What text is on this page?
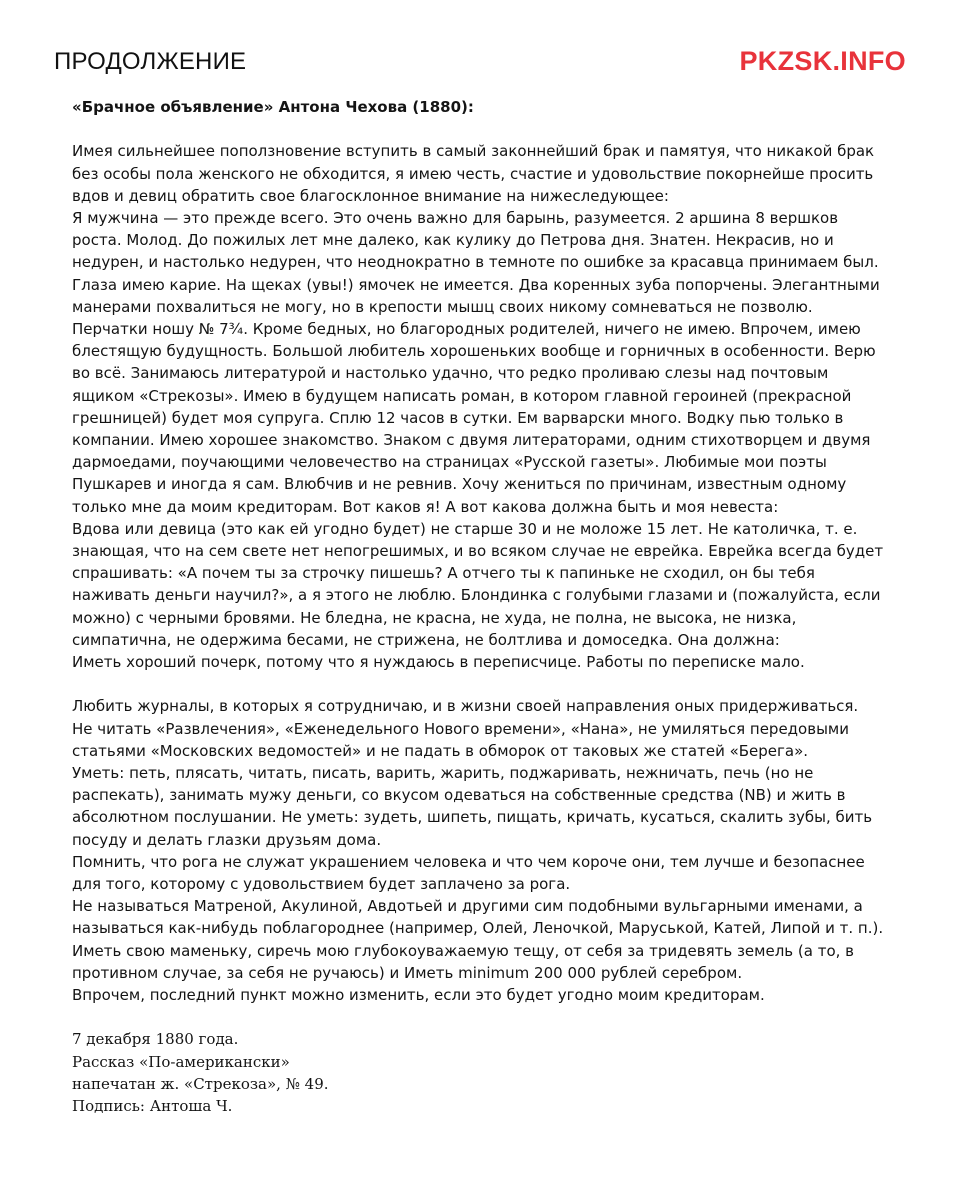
ПРОДОЛЖЕНИЕ	PKZSK.INFO

«Брачное объявление» Антона Чехова (1880):

Имея сильнейшее поползновение вступить в самый законнейший брак и памятуя, что никакой брак без особы пола женского не обходится, я имею честь, счастие и удовольствие покорнейше просить вдов и девиц обратить свое благосклонное внимание на нижеследующее:

Я мужчина — это прежде всего. Это очень важно для барынь, разумеется. 2 аршина 8 вершков роста. Молод. До пожилых лет мне далеко, как кулику до Петрова дня. Знатен. Некрасив, но и недурен, и настолько недурен, что неоднократно в темноте по ошибке за красавца принимаем был. Глаза имею карие. На щеках (увы!) ямочек не имеется. Два коренных зуба попорчены. Элегантными манерами похвалиться не могу, но в крепости мышц своих никому сомневаться не позволю. Перчатки ношу № 7¾. Кроме бедных, но благородных родителей, ничего не имею. Впрочем, имею блестящую будущность. Большой любитель хорошеньких вообще и горничных в особенности. Верю во всё. Занимаюсь литературой и настолько удачно, что редко проливаю слезы над почтовым ящиком «Стрекозы». Имею в будущем написать роман, в котором главной героиней (прекрасной грешницей) будет моя супруга. Сплю 12 часов в сутки. Ем варварски много. Водку пью только в компании. Имею хорошее знакомство. Знаком с двумя литераторами, одним стихотворцем и двумя дармоедами, поучающими человечество на страницах «Русской газеты». Любимые мои поэты Пушкарев и иногда я сам. Влюбчив и не ревнив. Хочу жениться по причинам, известным одному только мне да моим кредиторам. Вот каков я! А вот какова должна быть и моя невеста:

Вдова или девица (это как ей угодно будет) не старше 30 и не моложе 15 лет. Не католичка, т. е. знающая, что на сем свете нет непогрешимых, и во всяком случае не еврейка. Еврейка всегда будет спрашивать: «А почем ты за строчку пишешь? А отчего ты к папиньке не сходил, он бы тебя наживать деньги научил?», а я этого не люблю. Блондинка с голубыми глазами и (пожалуйста, если можно) с черными бровями. Не бледна, не красна, не худа, не полна, не высока, не низка, симпатична, не одержима бесами, не стрижена, не болтлива и домоседка. Она должна:

Иметь хороший почерк, потому что я нуждаюсь в переписчице. Работы по переписке мало.

Любить журналы, в которых я сотрудничаю, и в жизни своей направления оных придерживаться.

Не читать «Развлечения», «Еженедельного Нового времени», «Нана», не умиляться передовыми статьями «Московских ведомостей» и не падать в обморок от таковых же статей «Берега».

Уметь: петь, плясать, читать, писать, варить, жарить, поджаривать, нежничать, печь (но не распекать), занимать мужу деньги, со вкусом одеваться на собственные средства (NB) и жить в абсолютном послушании. Не уметь: зудеть, шипеть, пищать, кричать, кусаться, скалить зубы, бить посуду и делать глазки друзьям дома.

Помнить, что рога не служат украшением человека и что чем короче они, тем лучше и безопаснее для того, которому с удовольствием будет заплачено за рога.

Не называться Матреной, Акулиной, Авдотьей и другими сим подобными вульгарными именами, а называться как-нибудь поблагороднее (например, Олей, Леночкой, Маруськой, Катей, Липой и т. п.).

Иметь свою маменьку, сиречь мою глубокоуважаемую тещу, от себя за тридевять земель (а то, в противном случае, за себя не ручаюсь) и Иметь minimum 200 000 рублей серебром.

Впрочем, последний пункт можно изменить, если это будет угодно моим кредиторам.

7 декабря 1880 года.

Рассказ «По-американски»

напечатан ж. «Стрекоза», № 49.

Подпись: Антоша Ч.
